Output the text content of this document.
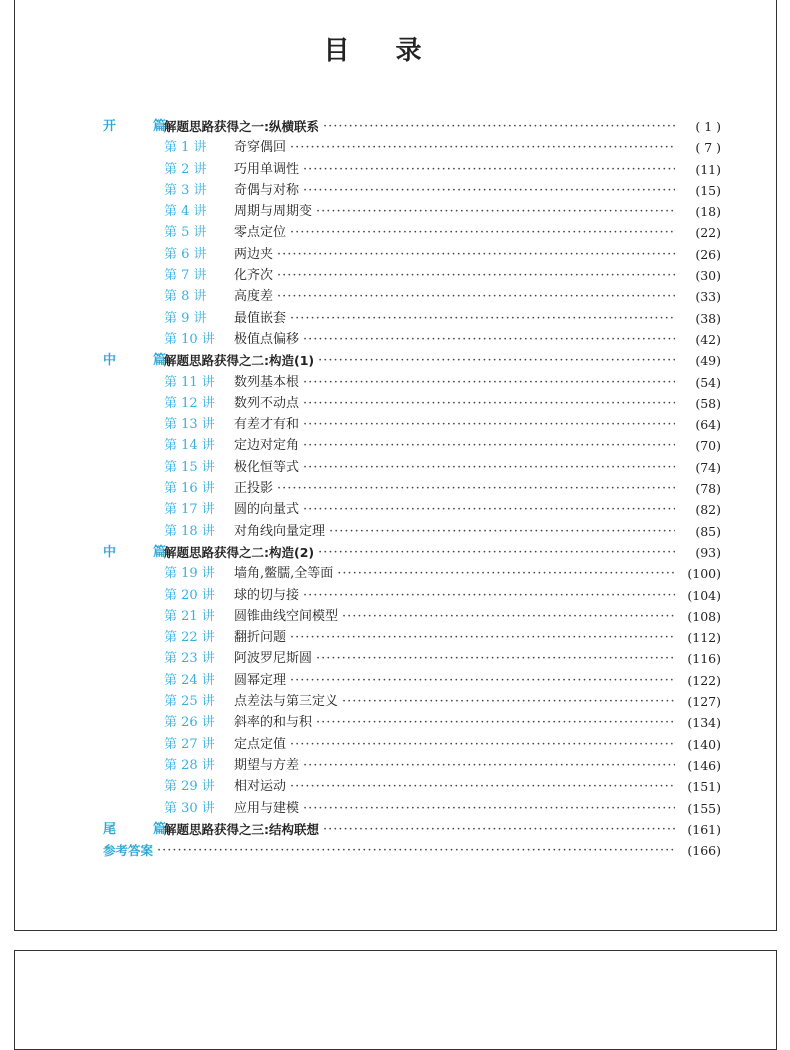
目录
开　篇
解题思路获得之一:纵横联系 ·····	( 1 )
第 1 讲	奇穿偶回 ·····	( 7 )
第 2 讲	巧用单调性 ·····	(11)
第 3 讲	奇偶与对称 ·····	(15)
第 4 讲	周期与周期变 ·····	(18)
第 5 讲	零点定位 ·····	(22)
第 6 讲	两边夹 ·····	(26)
第 7 讲	化齐次 ·····	(30)
第 8 讲	高度差 ·····	(33)
第 9 讲	最值嵌套 ·····	(38)
第 10 讲	极值点偏移 ·····	(42)
中　篇
解题思路获得之二:构造(1) ·····	(49)
第 11 讲	数列基本根 ·····	(54)
第 12 讲	数列不动点 ·····	(58)
第 13 讲	有差才有和 ·····	(64)
第 14 讲	定边对定角 ·····	(70)
第 15 讲	极化恒等式 ·····	(74)
第 16 讲	正投影 ·····	(78)
第 17 讲	圆的向量式 ·····	(82)
第 18 讲	对角线向量定理 ·····	(85)
中　篇
解题思路获得之二:构造(2) ·····	(93)
第 19 讲	墙角,鳖臑,全等面 ·····	(100)
第 20 讲	球的切与接 ·····	(104)
第 21 讲	圆锥曲线空间模型 ·····	(108)
第 22 讲	翻折问题 ·····	(112)
第 23 讲	阿波罗尼斯圆 ·····	(116)
第 24 讲	圆幂定理 ·····	(122)
第 25 讲	点差法与第三定义 ·····	(127)
第 26 讲	斜率的和与积 ·····	(134)
第 27 讲	定点定值 ·····	(140)
第 28 讲	期望与方差 ·····	(146)
第 29 讲	相对运动 ·····	(151)
第 30 讲	应用与建模 ·····	(155)
尾　篇
解题思路获得之三:结构联想 ·····	(161)
参考答案 ·····	(166)
